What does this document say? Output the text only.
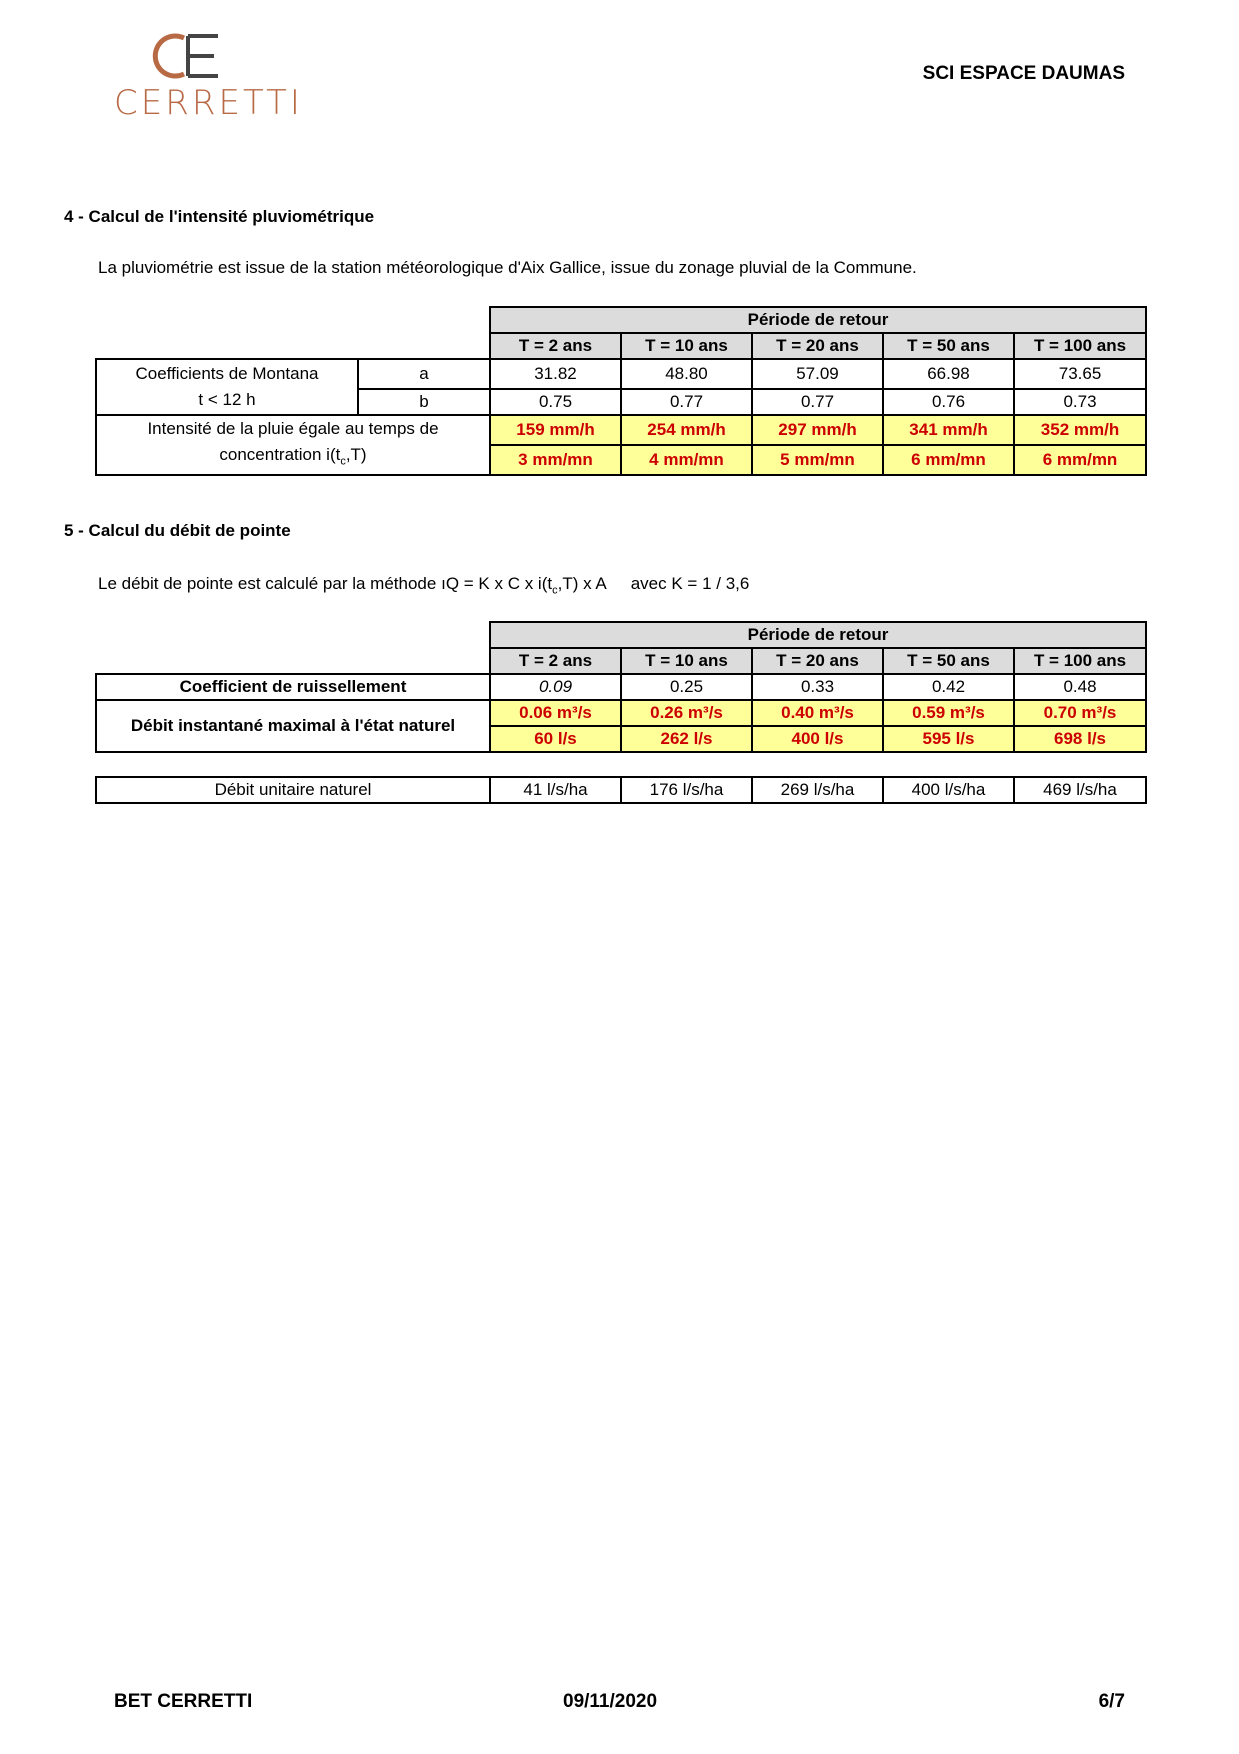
CERRETTI
SCI ESPACE DAUMAS
4 - Calcul de l'intensité pluviométrique
La pluviométrie est issue de la station météorologique d'Aix Gallice, issue du zonage pluvial de la Commune.
		Période de retour				
		T = 2 ans	T = 10 ans	T = 20 ans	T = 50 ans	T = 100 ans
Coefficients de Montana
t < 12 h	a	31.82	48.80	57.09	66.98	73.65
	b	0.75	0.77	0.77	0.76	0.73
Intensité de la pluie égale au temps de
concentration $i(t_c,T)$		159 mm/h	254 mm/h	297 mm/h	341 mm/h	352 mm/h
		3 mm/mn	4 mm/mn	5 mm/mn	6 mm/mn	6 mm/mn
5 - Calcul du débit de pointe
Le débit de pointe est calculé par la méthode ıQ = K x C x $i(t_c,T)$ x A avec K = 1 / 3,6
	Période de retour				
	T = 2 ans	T = 10 ans	T = 20 ans	T = 50 ans	T = 100 ans
Coefficient de ruissellement	0.09	0.25	0.33	0.42	0.48
Débit instantané maximal à l'état naturel	0.06 m³/s	0.26 m³/s	0.40 m³/s	0.59 m³/s	0.70 m³/s
	60 l/s	262 l/s	400 l/s	595 l/s	698 l/s
Débit unitaire naturel	41 l/s/ha	176 l/s/ha	269 l/s/ha	400 l/s/ha	469 l/s/ha
BET CERRETTI	09/11/2020	6/7
